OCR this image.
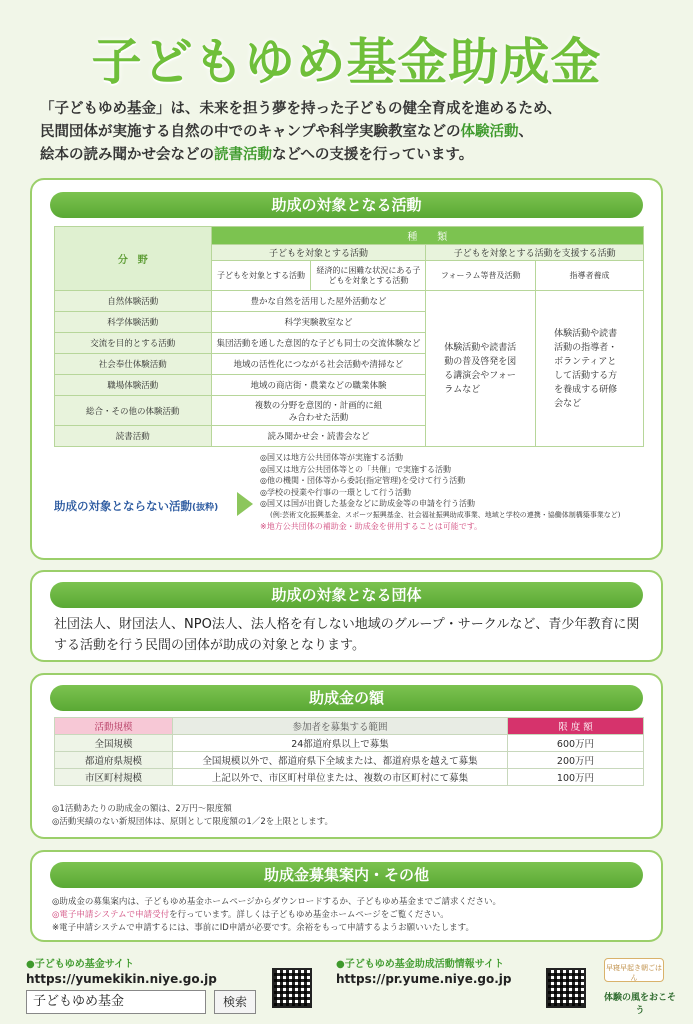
子どもゆめ基金助成金
「子どもゆめ基金」は、未来を担う夢を持った子どもの健全育成を進めるため、
民間団体が実施する自然の中でのキャンプや科学実験教室などの体験活動、
絵本の読み聞かせ会などの読書活動などへの支援を行っています。
助成の対象となる活動
分　野	種　　類			
	子どもを対象とする活動		子どもを対象とする活動を支援する活動	
	子どもを対象とする活動	経済的に困難な状況にある子どもを対象とする活動	フォーラム等普及活動	指導者養成
自然体験活動	豊かな自然を活用した屋外活動など		体験活動や読書活動の普及啓発を図る講演会やフォーラムなど	体験活動や読書活動の指導者・ボランティアとして活動する方を養成する研修会など
科学体験活動	科学実験教室など			
交流を目的とする活動	集団活動を通した意図的な子ども同士の交流体験など			
社会奉仕体験活動	地域の活性化につながる社会活動や清掃など			
職場体験活動	地域の商店街・農業などの職業体験			
総合・その他の体験活動	複数の分野を意図的・計画的に組み合わせた活動			
読書活動	読み聞かせ会・読書会など			
助成の対象とならない活動(抜粋)
◎国又は地方公共団体等が実施する活動
◎国又は地方公共団体等との「共催」で実施する活動
◎他の機関・団体等から委託(指定管理)を受けて行う活動
◎学校の授業や行事の一環として行う活動
◎国又は国が出資した基金などに助成金等の申請を行う活動
(例:芸術文化振興基金、スポーツ振興基金、社会福祉振興助成事業、地域と学校の連携・協働体制構築事業など)
※地方公共団体の補助金・助成金を併用することは可能です。
助成の対象となる団体
社団法人、財団法人、NPO法人、法人格を有しない地域のグループ・サークルなど、青少年教育に関する活動を行う民間の団体が助成の対象となります。
助成金の額
活動規模	参加者を募集する範囲	限 度 額
全国規模	24都道府県以上で募集	600万円
都道府県規模	全国規模以外で、都道府県下全域または、都道府県を越えて募集	200万円
市区町村規模	上記以外で、市区町村単位または、複数の市区町村にて募集	100万円
◎1活動あたりの助成金の額は、2万円〜限度額
◎活動実績のない新規団体は、原則として限度額の1／2を上限とします。
助成金募集案内・その他
◎助成金の募集案内は、子どもゆめ基金ホームページからダウンロードするか、子どもゆめ基金までご請求ください。
◎電子申請システムで申請受付を行っています。詳しくは子どもゆめ基金ホームページをご覧ください。
※電子申請システムで申請するには、事前にID申請が必要です。余裕をもって申請するようお願いいたします。
●子どもゆめ基金サイト
https://yumekikin.niye.go.jp
子どもゆめ基金	検索
●子どもゆめ基金助成活動情報サイト
https://pr.yume.niye.go.jp
早寝早起き朝ごはん
体験の風をおこそう
